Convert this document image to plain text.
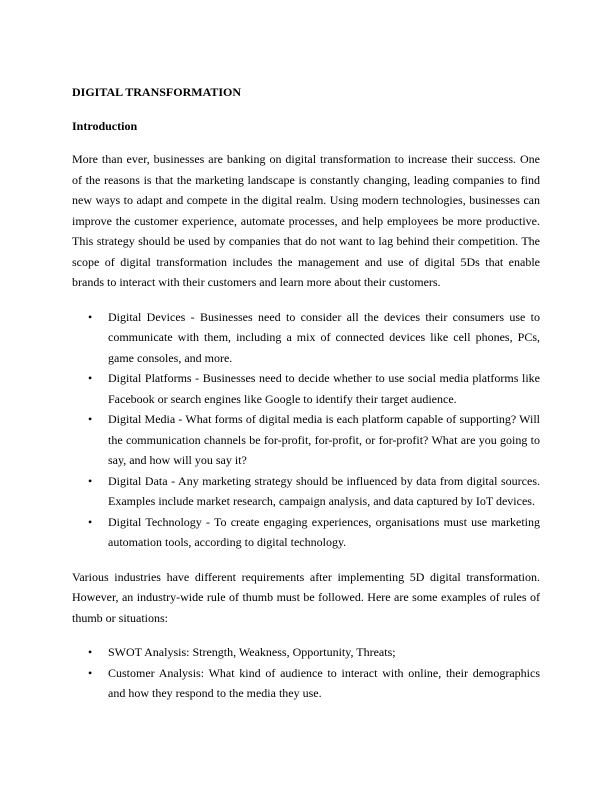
DIGITAL TRANSFORMATION
Introduction

More than ever, businesses are banking on digital transformation to increase their success. One of the reasons is that the marketing landscape is constantly changing, leading companies to find new ways to adapt and compete in the digital realm. Using modern technologies, businesses can improve the customer experience, automate processes, and help employees be more productive. This strategy should be used by companies that do not want to lag behind their competition. The scope of digital transformation includes the management and use of digital 5Ds that enable brands to interact with their customers and learn more about their customers.

• Digital Devices - Businesses need to consider all the devices their consumers use to communicate with them, including a mix of connected devices like cell phones, PCs, game consoles, and more.
• Digital Platforms - Businesses need to decide whether to use social media platforms like Facebook or search engines like Google to identify their target audience.
• Digital Media - What forms of digital media is each platform capable of supporting? Will the communication channels be for-profit, for-profit, or for-profit? What are you going to say, and how will you say it?
• Digital Data - Any marketing strategy should be influenced by data from digital sources. Examples include market research, campaign analysis, and data captured by IoT devices.
• Digital Technology - To create engaging experiences, organisations must use marketing automation tools, according to digital technology.

Various industries have different requirements after implementing 5D digital transformation. However, an industry-wide rule of thumb must be followed. Here are some examples of rules of thumb or situations:

• SWOT Analysis: Strength, Weakness, Opportunity, Threats;
• Customer Analysis: What kind of audience to interact with online, their demographics and how they respond to the media they use.
